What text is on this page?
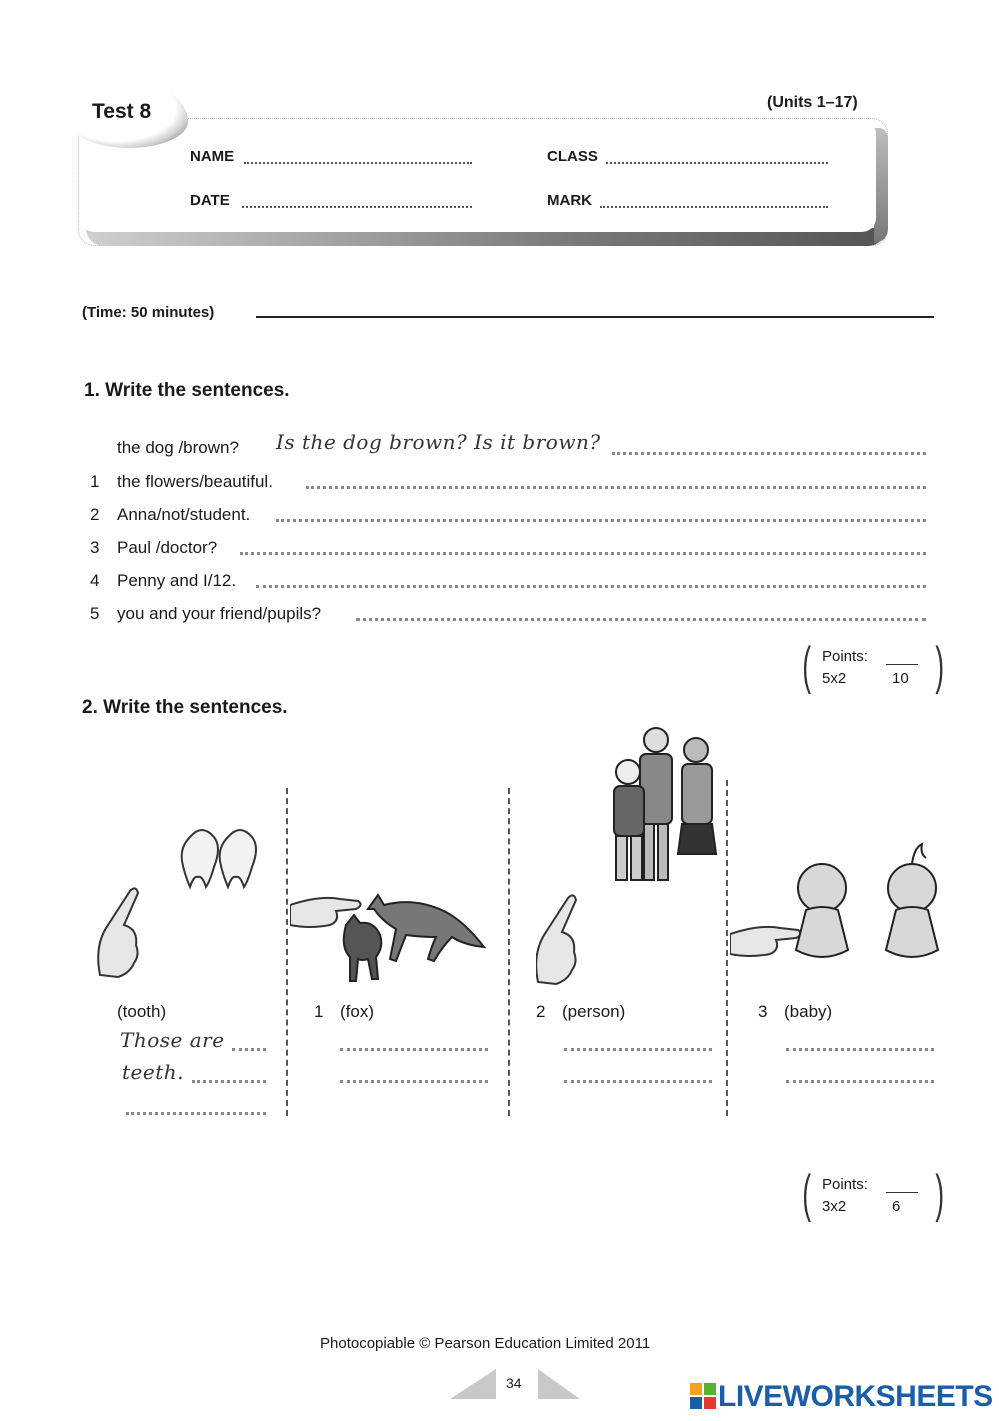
Test 8	(Units 1–17)
NAME	CLASS
DATE	MARK
(Time: 50 minutes)
1. Write the sentences.
the dog /brown? Is the dog brown? Is it brown?
1 the flowers/beautiful.
2 Anna/not/student.
3 Paul /doctor?
4 Penny and I/12.
5 you and your friend/pupils?
( Points:
5x2	10 )
2. Write the sentences.
(tooth)
Those are
teeth.
1 (fox)	2 (person)	3 (baby)
( Points:
3x2	6 )
Photocopiable © Pearson Education Limited 2011
34	LIVEWORKSHEETS
